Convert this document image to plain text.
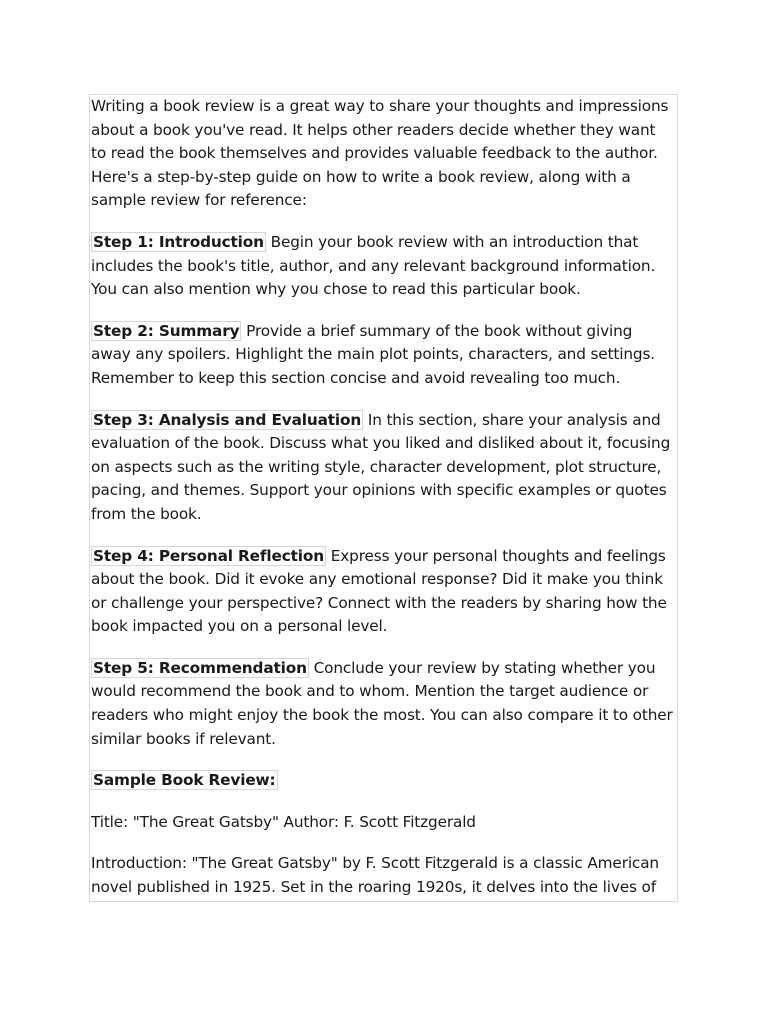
Writing a book review is a great way to share your thoughts and impressions about a book you've read. It helps other readers decide whether they want to read the book themselves and provides valuable feedback to the author. Here's a step-by-step guide on how to write a book review, along with a sample review for reference:

Step 1: Introduction Begin your book review with an introduction that includes the book's title, author, and any relevant background information. You can also mention why you chose to read this particular book.

Step 2: Summary Provide a brief summary of the book without giving away any spoilers. Highlight the main plot points, characters, and settings. Remember to keep this section concise and avoid revealing too much.

Step 3: Analysis and Evaluation In this section, share your analysis and evaluation of the book. Discuss what you liked and disliked about it, focusing on aspects such as the writing style, character development, plot structure, pacing, and themes. Support your opinions with specific examples or quotes from the book.

Step 4: Personal Reflection Express your personal thoughts and feelings about the book. Did it evoke any emotional response? Did it make you think or challenge your perspective? Connect with the readers by sharing how the book impacted you on a personal level.

Step 5: Recommendation Conclude your review by stating whether you would recommend the book and to whom. Mention the target audience or readers who might enjoy the book the most. You can also compare it to other similar books if relevant.

Sample Book Review:

Title: "The Great Gatsby" Author: F. Scott Fitzgerald

Introduction: "The Great Gatsby" by F. Scott Fitzgerald is a classic American novel published in 1925. Set in the roaring 1920s, it delves into the lives of
